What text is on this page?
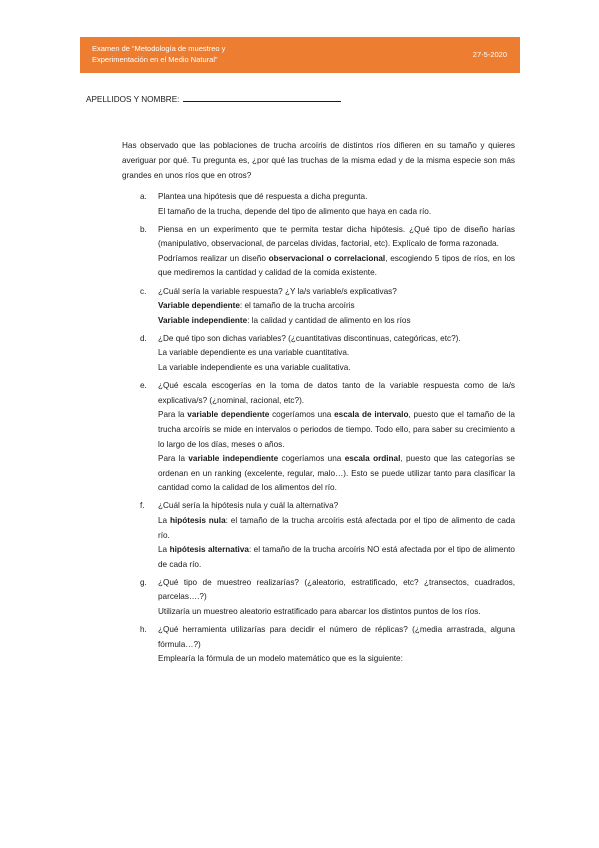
Examen de “Metodología de muestreo y
Experimentación en el Medio Natural”
27-5-2020
APELLIDOS Y NOMBRE:

Has observado que las poblaciones de trucha arcoíris de distintos ríos difieren en su tamaño y quieres averiguar por qué. Tu pregunta es, ¿por qué las truchas de la misma edad y de la misma especie son más grandes en unos ríos que en otros?

a. Plantea una hipótesis que dé respuesta a dicha pregunta.

El tamaño de la trucha, depende del tipo de alimento que haya en cada río.

b. Piensa en un experimento que te permita testar dicha hipótesis. ¿Qué tipo de diseño harías (manipulativo, observacional, de parcelas dividas, factorial, etc). Explícalo de forma razonada.

Podríamos realizar un diseño observacional o correlacional, escogiendo 5 tipos de ríos, en los que mediremos la cantidad y calidad de la comida existente.

c. ¿Cuál sería la variable respuesta? ¿Y la/s variable/s explicativas?

Variable dependiente: el tamaño de la trucha arcoíris

Variable independiente: la calidad y cantidad de alimento en los ríos

d. ¿De qué tipo son dichas variables? (¿cuantitativas discontinuas, categóricas, etc?).

La variable dependiente es una variable cuantitativa.

La variable independiente es una variable cualitativa.

e. ¿Qué escala escogerías en la toma de datos tanto de la variable respuesta como de la/s explicativa/s? (¿nominal, racional, etc?).

Para la variable dependiente cogeríamos una escala de intervalo, puesto que el tamaño de la trucha arcoíris se mide en intervalos o periodos de tiempo. Todo ello, para saber su crecimiento a lo largo de los días, meses o años.

Para la variable independiente cogeríamos una escala ordinal, puesto que las categorías se ordenan en un ranking (excelente, regular, malo…). Esto se puede utilizar tanto para clasificar la cantidad como la calidad de los alimentos del río.

f. ¿Cuál sería la hipótesis nula y cuál la alternativa?

La hipótesis nula: el tamaño de la trucha arcoíris está afectada por el tipo de alimento de cada río.

La hipótesis alternativa: el tamaño de la trucha arcoíris NO está afectada por el tipo de alimento de cada río.

g. ¿Qué tipo de muestreo realizarías? (¿aleatorio, estratificado, etc? ¿transectos, cuadrados, parcelas….?)

Utilizaría un muestreo aleatorio estratificado para abarcar los distintos puntos de los ríos.

h. ¿Qué herramienta utilizarías para decidir el número de réplicas? (¿media arrastrada, alguna fórmula…?)

Emplearía la fórmula de un modelo matemático que es la siguiente:
